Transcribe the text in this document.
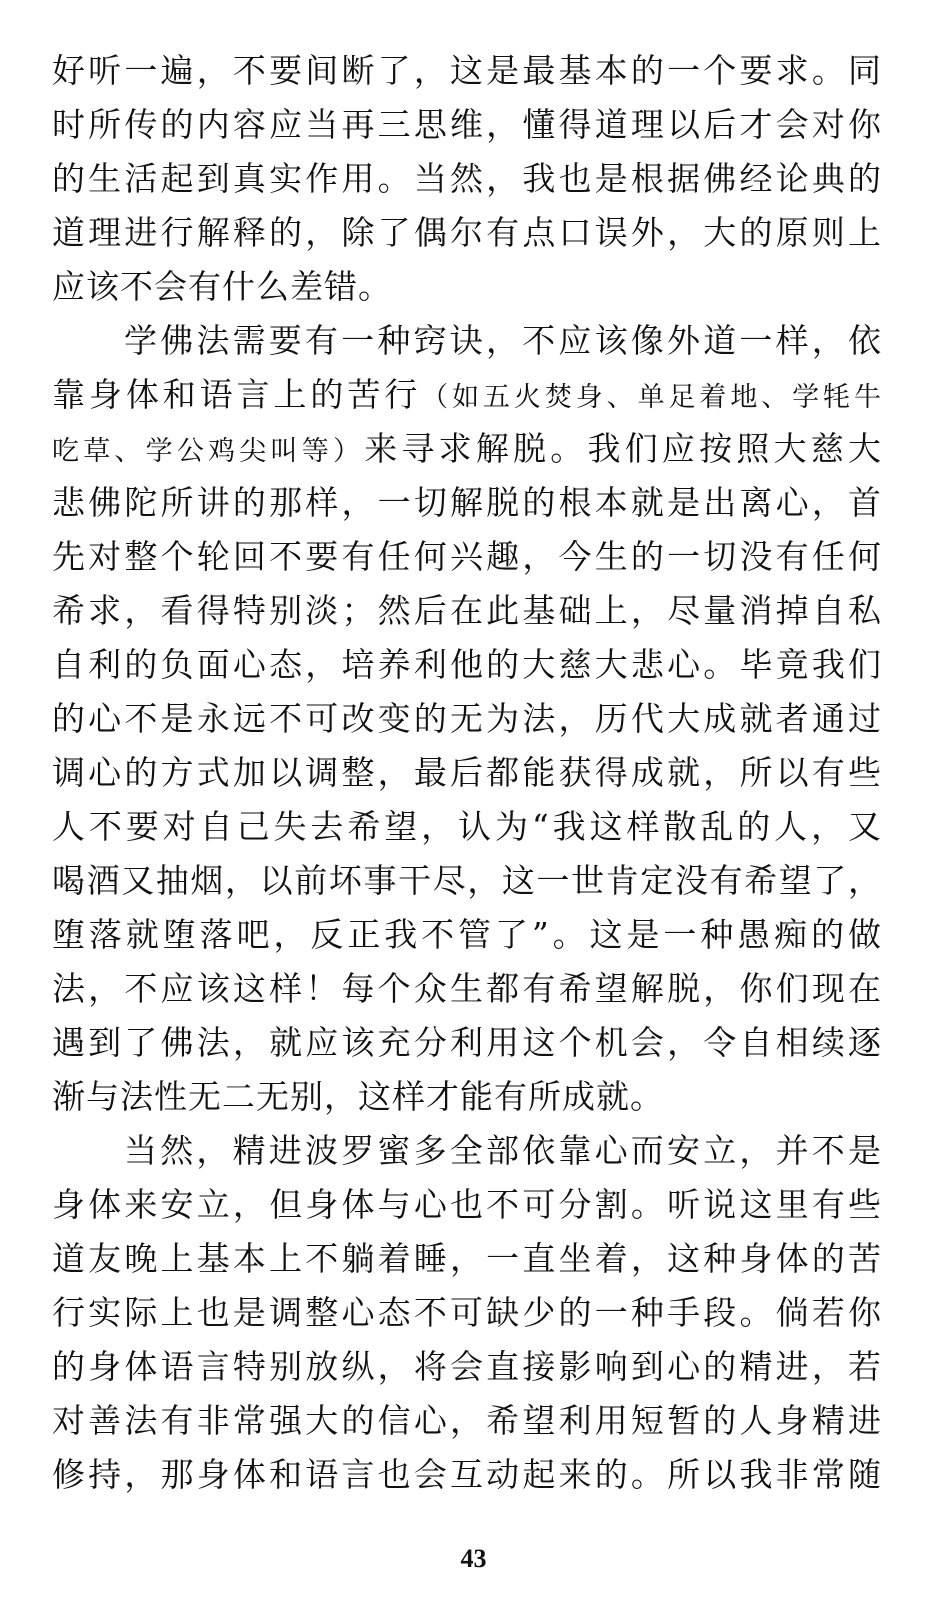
好听一遍，不要间断了，这是最基本的一个要求。同
时所传的内容应当再三思维，懂得道理以后才会对你
的生活起到真实作用。当然，我也是根据佛经论典的
道理进行解释的，除了偶尔有点口误外，大的原则上
应该不会有什么差错。
学佛法需要有一种窍诀，不应该像外道一样，依
靠身体和语言上的苦行（如五火焚身、单足着地、学牦牛
吃草、学公鸡尖叫等）来寻求解脱。我们应按照大慈大
悲佛陀所讲的那样，一切解脱的根本就是出离心，首
先对整个轮回不要有任何兴趣，今生的一切没有任何
希求，看得特别淡；然后在此基础上，尽量消掉自私
自利的负面心态，培养利他的大慈大悲心。毕竟我们
的心不是永远不可改变的无为法，历代大成就者通过
调心的方式加以调整，最后都能获得成就，所以有些
人不要对自己失去希望，认为“我这样散乱的人，又
喝酒又抽烟，以前坏事干尽，这一世肯定没有希望了，
堕落就堕落吧，反正我不管了”。这是一种愚痴的做
法，不应该这样！每个众生都有希望解脱，你们现在
遇到了佛法，就应该充分利用这个机会，令自相续逐
渐与法性无二无别，这样才能有所成就。
当然，精进波罗蜜多全部依靠心而安立，并不是
身体来安立，但身体与心也不可分割。听说这里有些
道友晚上基本上不躺着睡，一直坐着，这种身体的苦
行实际上也是调整心态不可缺少的一种手段。倘若你
的身体语言特别放纵，将会直接影响到心的精进，若
对善法有非常强大的信心，希望利用短暂的人身精进
修持，那身体和语言也会互动起来的。所以我非常随
43
